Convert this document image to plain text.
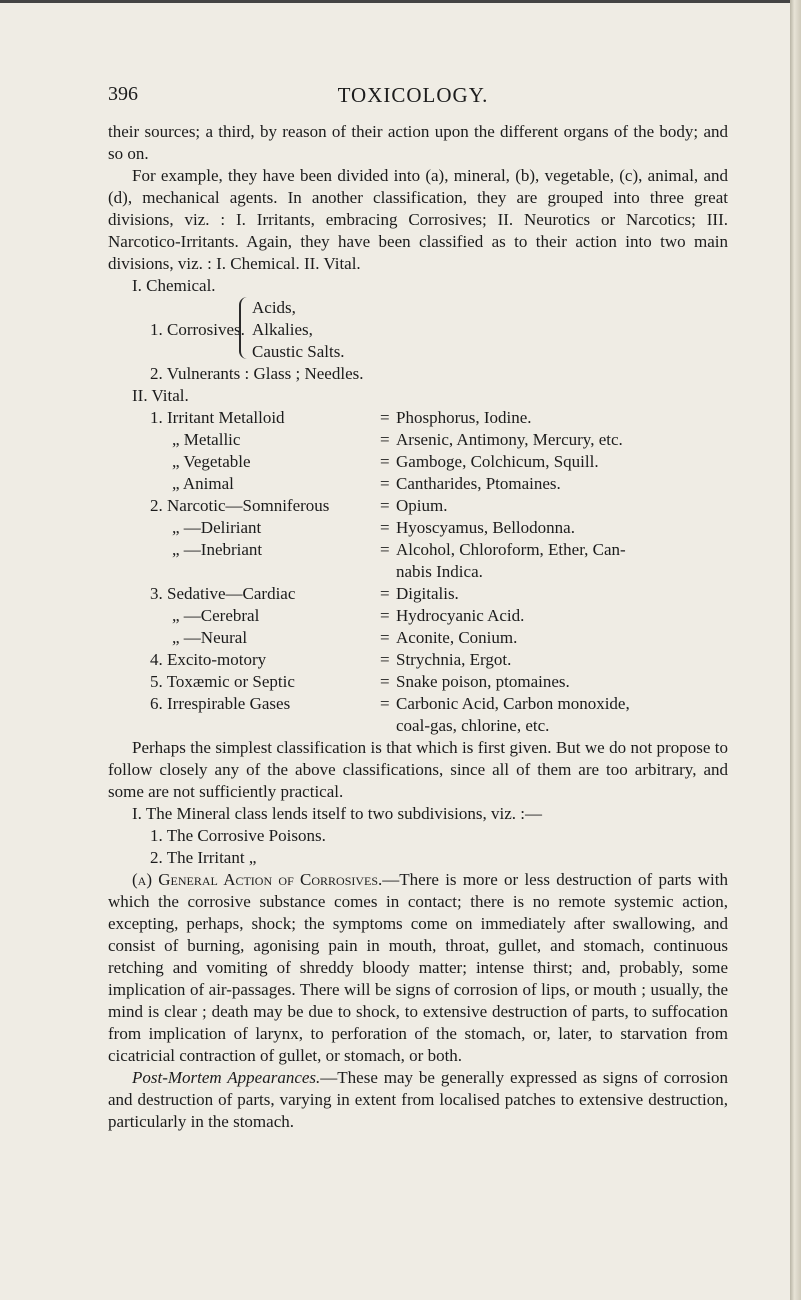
396	TOXICOLOGY.

their sources; a third, by reason of their action upon the different organs of the body; and so on.

For example, they have been divided into (a), mineral, (b), vegetable, (c), animal, and (d), mechanical agents. In another classification, they are grouped into three great divisions, viz. : I. Irritants, embracing Corrosives; II. Neurotics or Narcotics; III. Narcotico-Irritants. Again, they have been classified as to their action into two main divisions, viz. : I. Chemical. II. Vital.

I. Chemical.
1. Corrosives.
Acids,
Alkalies,
Caustic Salts.
2. Vulnerants : Glass ; Needles.
II. Vital.
1. Irritant Metalloid	= Phosphorus, Iodine.
„ Metallic	= Arsenic, Antimony, Mercury, etc.
„ Vegetable	= Gamboge, Colchicum, Squill.
„ Animal	= Cantharides, Ptomaines.
2. Narcotic—Somniferous	= Opium.
„ —Deliriant	= Hyoscyamus, Bellodonna.
„ —Inebriant	= Alcohol, Chloroform, Ether, Can-
nabis Indica.
3. Sedative—Cardiac	= Digitalis.
„ —Cerebral	= Hydrocyanic Acid.
„ —Neural	= Aconite, Conium.
4. Excito-motory	= Strychnia, Ergot.
5. Toxæmic or Septic	= Snake poison, ptomaines.
6. Irrespirable Gases	= Carbonic Acid, Carbon monoxide,
coal-gas, chlorine, etc.

Perhaps the simplest classification is that which is first given. But we do not propose to follow closely any of the above classifications, since all of them are too arbitrary, and some are not sufficiently practical.

I. The Mineral class lends itself to two subdivisions, viz. :—

1. The Corrosive Poisons.
2. The Irritant „

(a) General Action of Corrosives.—There is more or less destruction of parts with which the corrosive substance comes in contact; there is no remote systemic action, excepting, perhaps, shock; the symptoms come on immediately after swallowing, and consist of burning, agonising pain in mouth, throat, gullet, and stomach, continuous retching and vomiting of shreddy bloody matter; intense thirst; and, probably, some implication of air-passages. There will be signs of corrosion of lips, or mouth ; usually, the mind is clear ; death may be due to shock, to extensive destruction of parts, to suffocation from implication of larynx, to perforation of the stomach, or, later, to starvation from cicatricial contraction of gullet, or stomach, or both.

Post-Mortem Appearances.—These may be generally expressed as signs of corrosion and destruction of parts, varying in extent from localised patches to extensive destruction, particularly in the stomach.
